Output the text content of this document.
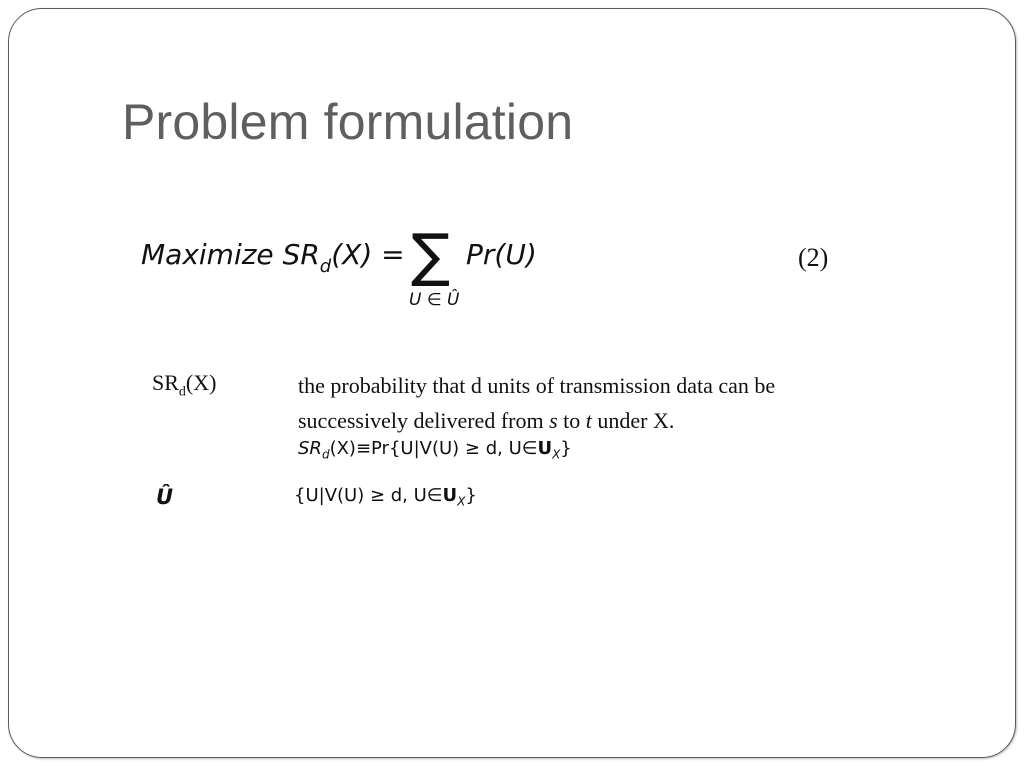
Problem formulation
Maximize $SR_d(X)$ = ∑
U ∈ Û
Pr(U)	(2)
$SR_d(X)$	the probability that d units of transmission data can be successively delivered from s to t under X.
$SR_d(X)\equiv Pr\{U|V(U) \ge d$, $U\in U_X$}
Û	{U|V(U) ≥ d, $U\in U_X$}
